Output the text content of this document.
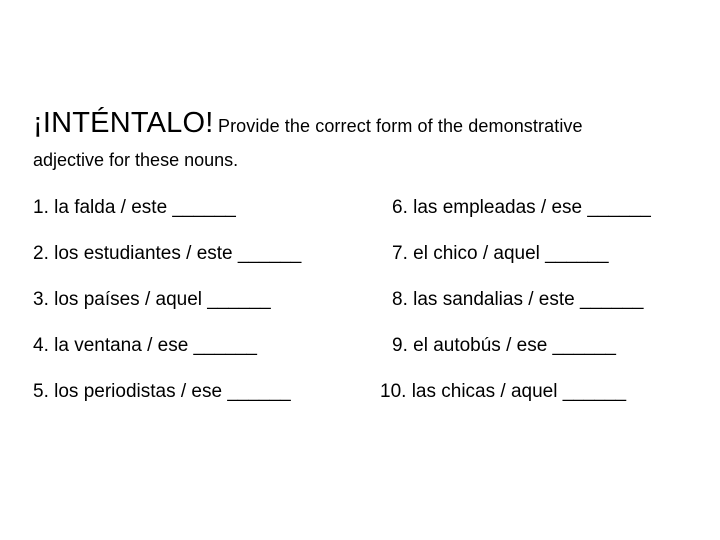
¡INTÉNTALO! Provide the correct form of the demonstrative
adjective for these nouns.

1. la falda / este ______
2. los estudiantes / este ______
3. los países / aquel ______
4. la ventana / ese ______
5. los periodistas / ese ______
6. las empleadas / ese ______
7. el chico / aquel ______
8. las sandalias / este ______
9. el autobús / ese ______
10. las chicas / aquel ______
